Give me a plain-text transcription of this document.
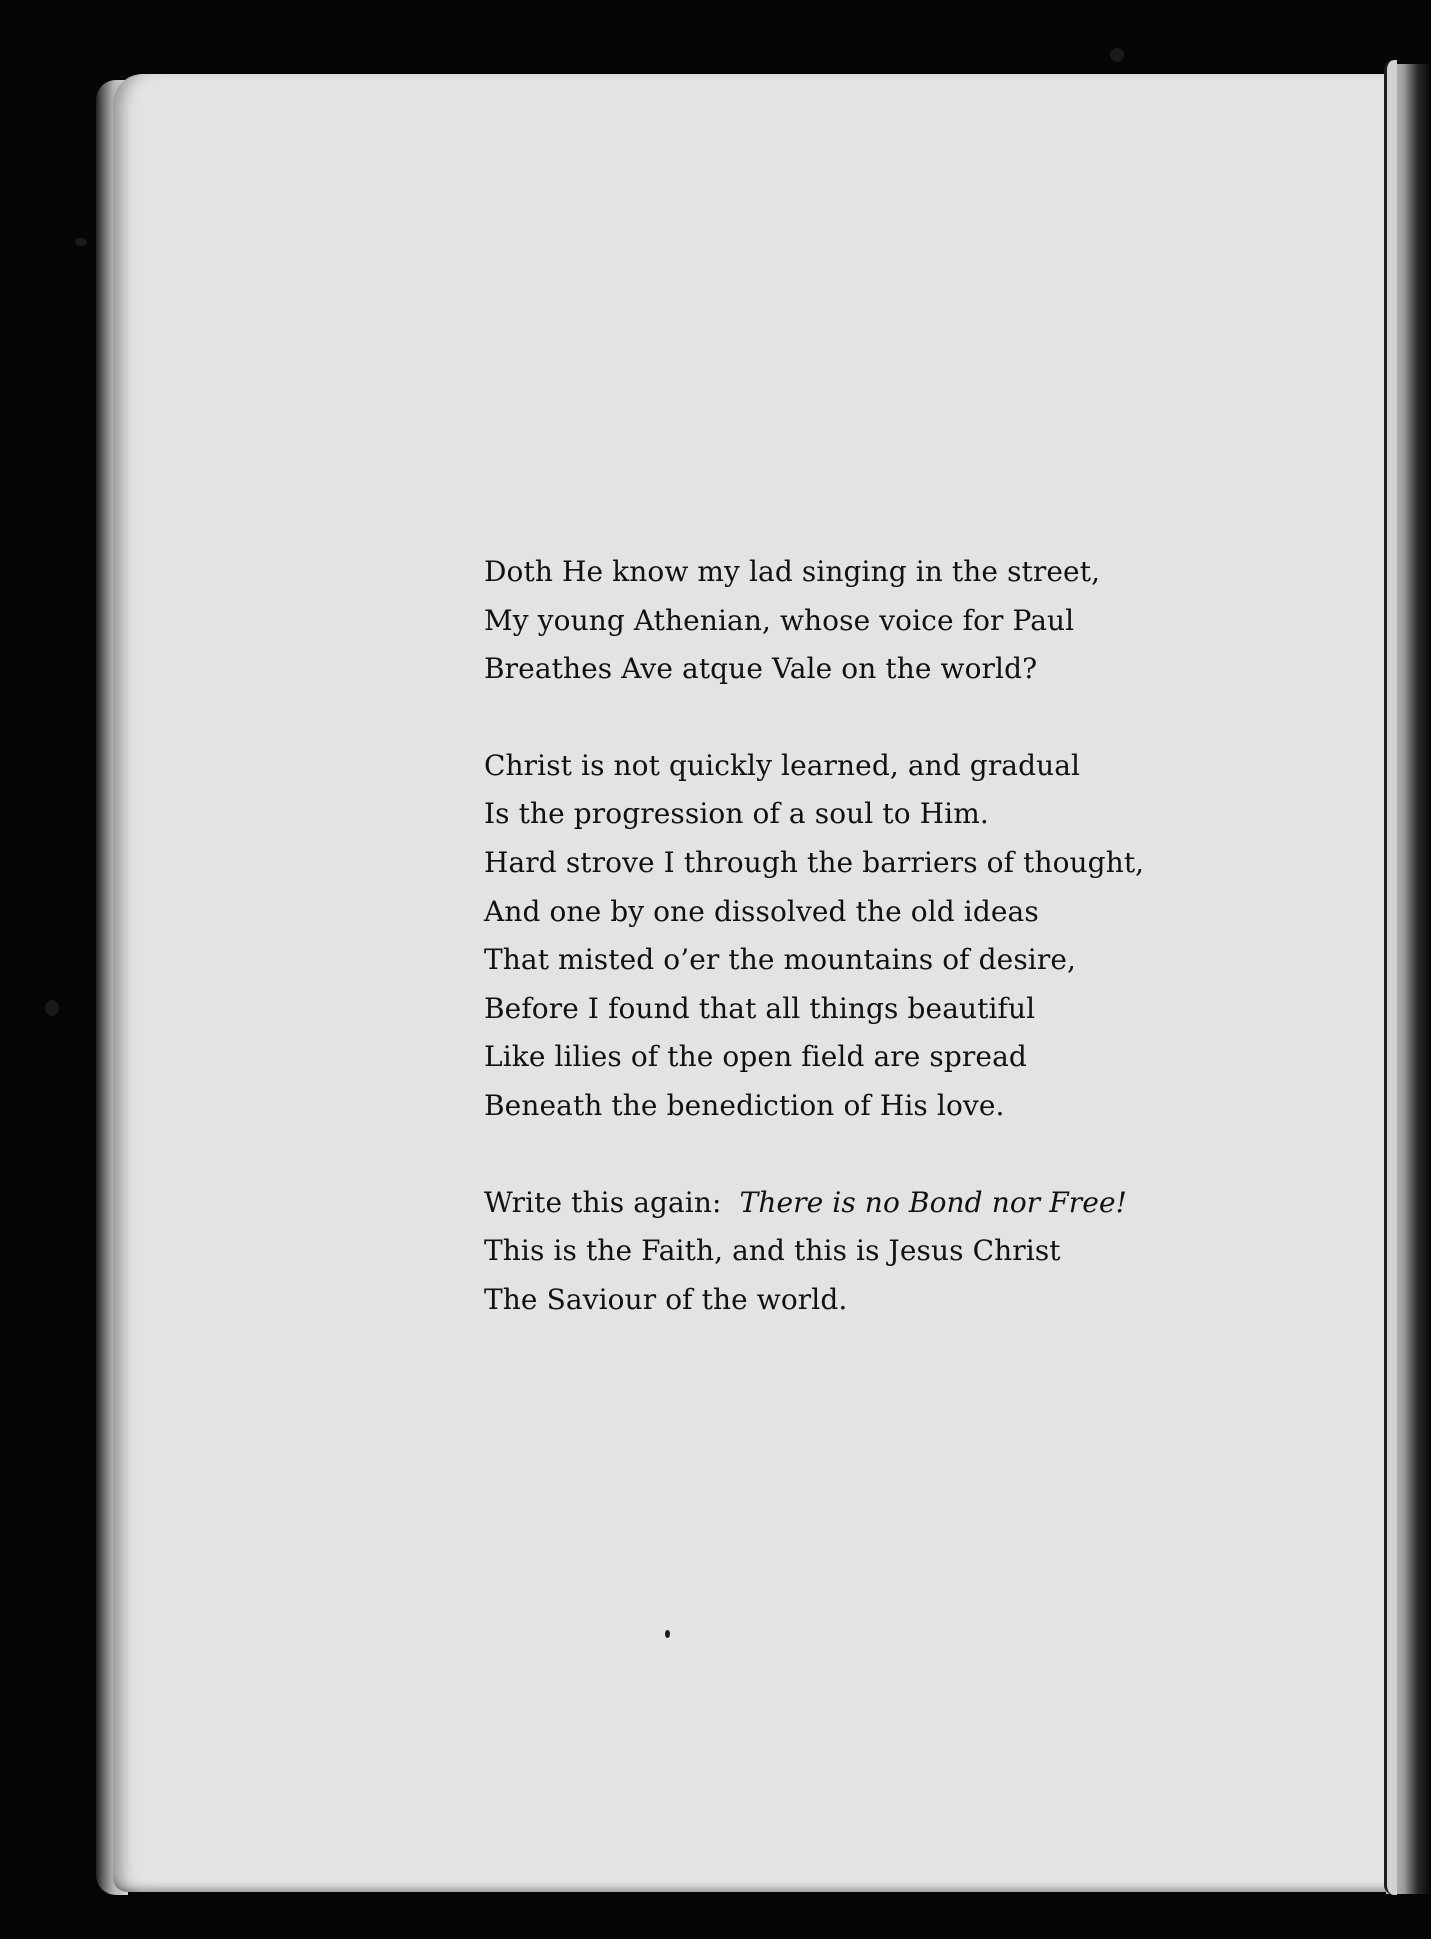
Doth He know my lad singing in the street,
My young Athenian, whose voice for Paul
Breathes Ave atque Vale on the world?
Christ is not quickly learned, and gradual
Is the progression of a soul to Him.
Hard strove I through the barriers of thought,
And one by one dissolved the old ideas
That misted o’er the mountains of desire,
Before I found that all things beautiful
Like lilies of the open field are spread
Beneath the benediction of His love.
Write this again: There is no Bond nor Free!
This is the Faith, and this is Jesus Christ
The Saviour of the world.
